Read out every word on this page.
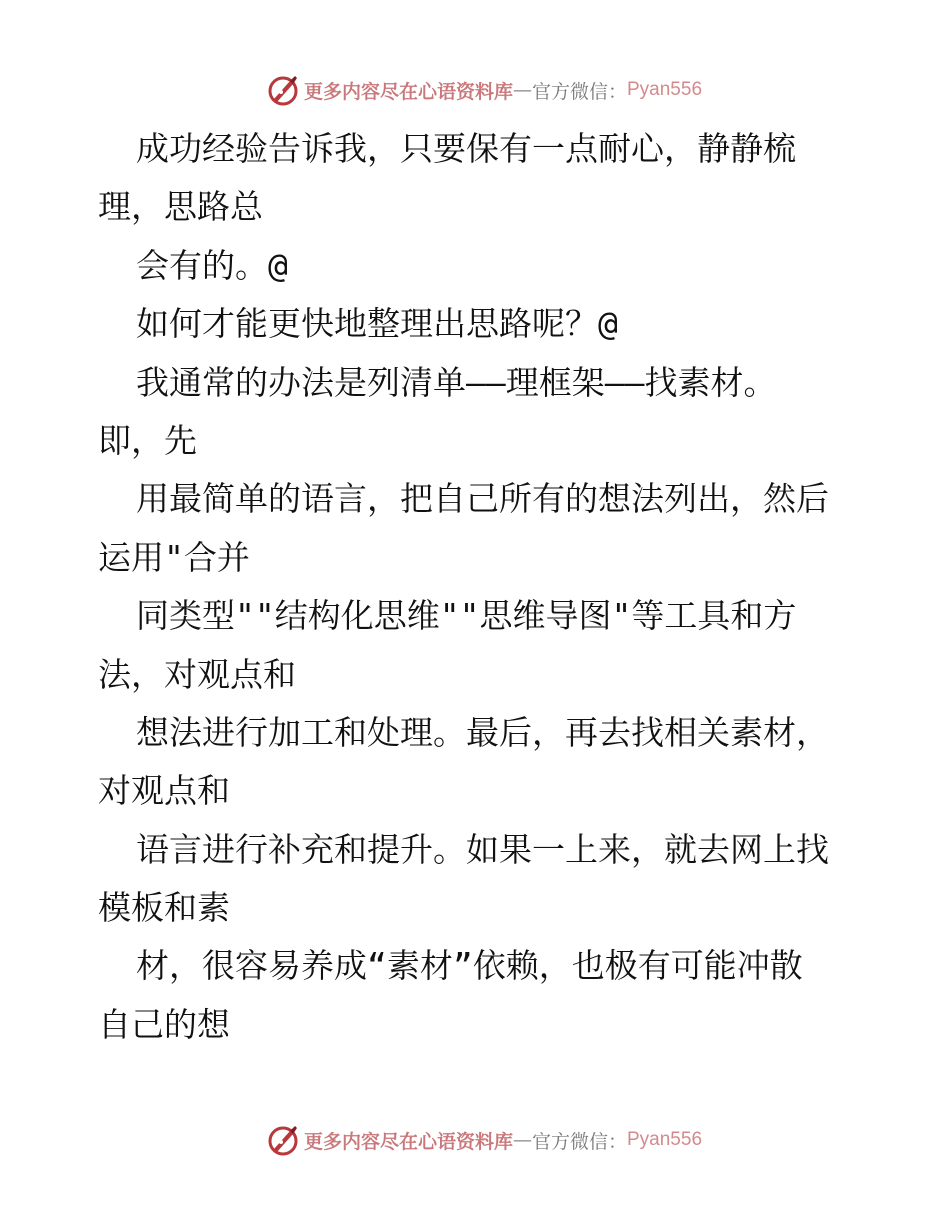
更多内容尽在心语资料库 — 官方微信： Pyan556
成功经验告诉我，只要保有一点耐心，静静梳
理，思路总
会有的。@
如何才能更快地整理出思路呢？@
我通常的办法是列清单——理框架——找素材。
即，先
用最简单的语言，把自己所有的想法列出，然后
运用"合并
同类型""结构化思维""思维导图"等工具和方
法，对观点和
想法进行加工和处理。最后，再去找相关素材，
对观点和
语言进行补充和提升。如果一上来，就去网上找
模板和素
材，很容易养成“素材”依赖，也极有可能冲散
自己的想
更多内容尽在心语资料库 — 官方微信： Pyan556
